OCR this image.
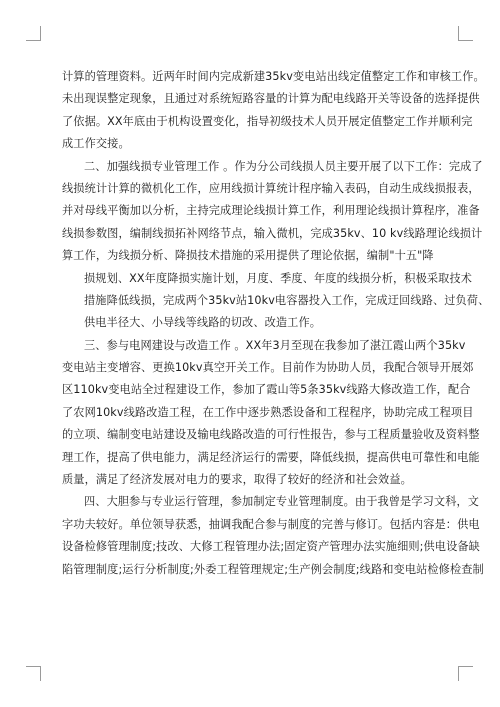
计算的管理资料。近两年时间内完成新建35kv变电站出线定值整定工作和审核工作。
未出现误整定现象，且通过对系统短路容量的计算为配电线路开关等设备的选择提供
了依据。XX年底由于机构设置变化，指导初级技术人员开展定值整定工作并顺利完
成工作交接。

二、加强线损专业管理工作 。作为分公司线损人员主要开展了以下工作：完成了
线损统计计算的微机化工作，应用线损计算统计程序输入表码，自动生成线损报表，
并对母线平衡加以分析，主持完成理论线损计算工作，利用理论线损计算程序，准备
线损参数图，编制线损拓补网络节点，输入微机，完成35kv、10 kv线路理论线损计
算工作，为线损分析、降损技术措施的采用提供了理论依据，编制"十五"降
损规划、XX年度降损实施计划，月度、季度、年度的线损分析，积极采取技术
措施降低线损，完成两个35kv站10kv电容器投入工作，完成迂回线路、过负荷、
供电半径大、小导线等线路的切改、改造工作。

三、参与电网建设与改造工作 。XX年3月至现在我参加了湛江霞山两个35kv
变电站主变增容、更换10kv真空开关工作。目前作为协助人员，我配合领导开展郊
区110kv变电站全过程建设工作，参加了霞山等5条35kv线路大修改造工作，配合
了农网10kv线路改造工程，在工作中逐步熟悉设备和工程程序，协助完成工程项目
的立项、编制变电站建设及输电线路改造的可行性报告，参与工程质量验收及资料整
理工作，提高了供电能力，满足经济运行的需要，降低线损，提高供电可靠性和电能
质量，满足了经济发展对电力的要求，取得了较好的经济和社会效益。

四、大胆参与专业运行管理，参加制定专业管理制度。由于我曾是学习文科，文
字功夫较好。单位领导获悉，抽调我配合参与制度的完善与修订。包括内容是：供电
设备检修管理制度;技改、大修工程管理办法;固定资产管理办法实施细则;供电设备缺
陷管理制度;运行分析制度;外委工程管理规定;生产例会制度;线路和变电站检修检查制
